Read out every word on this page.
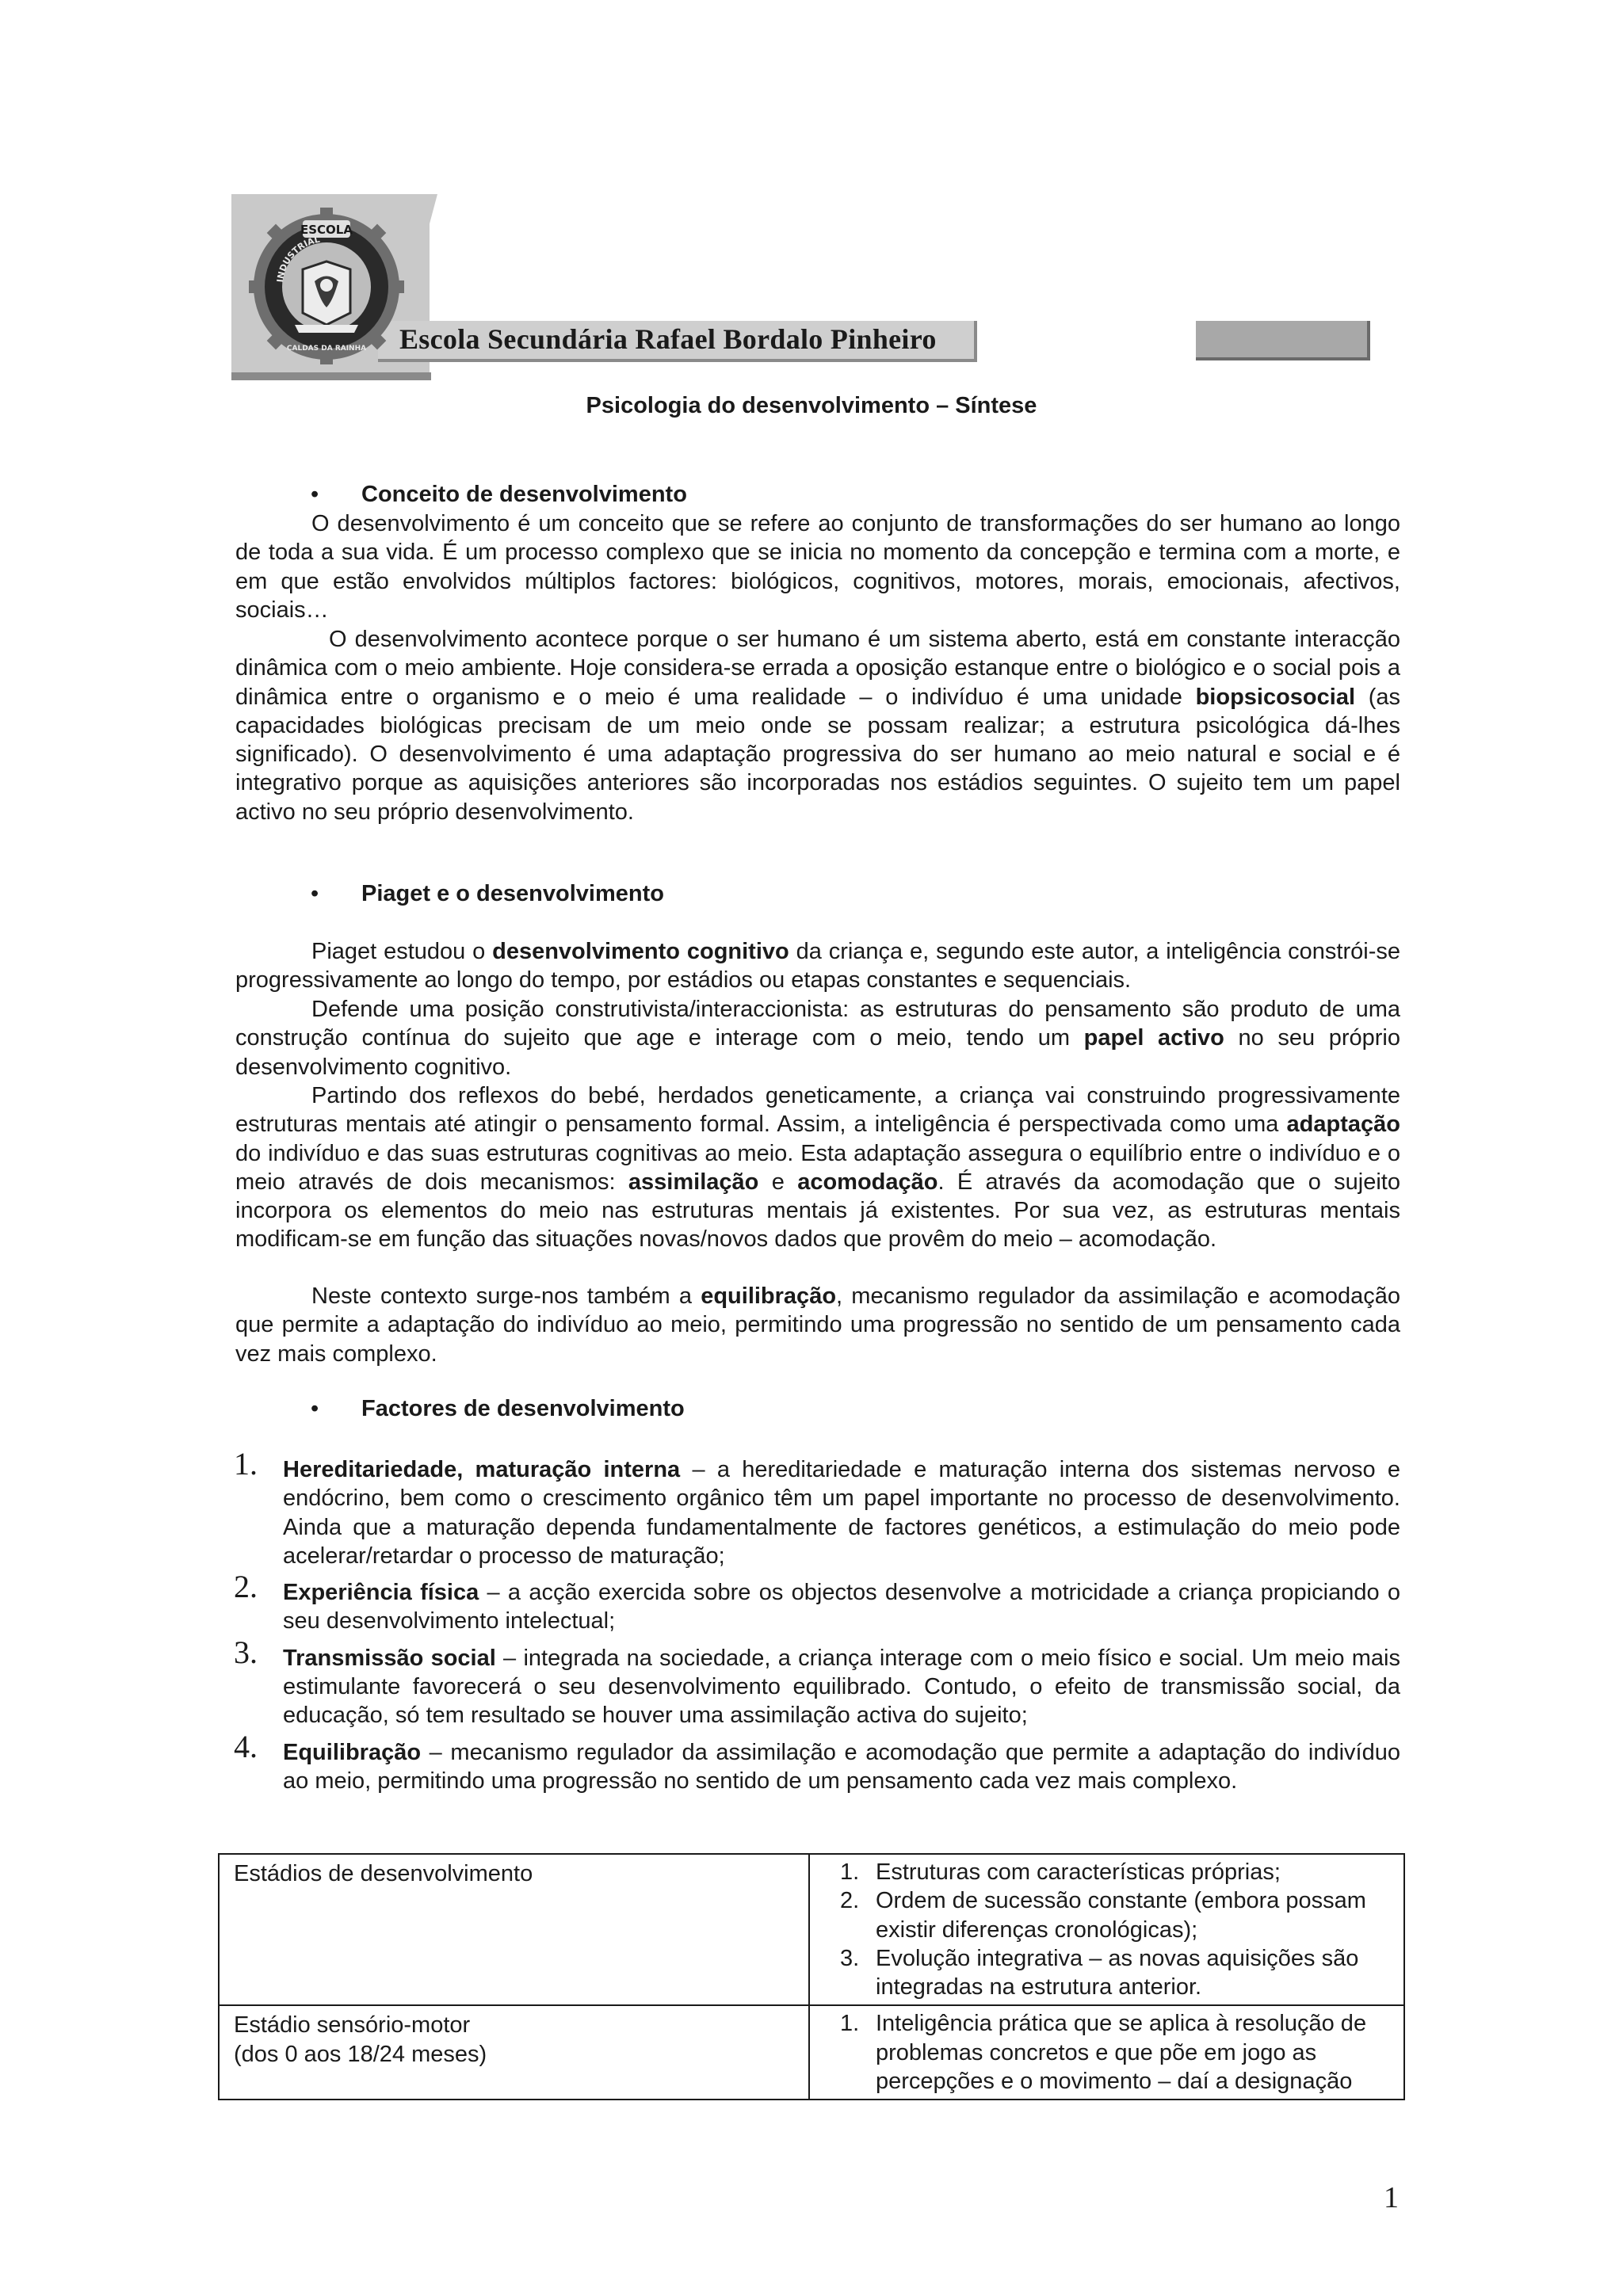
Escola Secundária Rafael Bordalo Pinheiro
ESCOLA
INDUSTRIAL
CALDAS DA RAINHA
Psicologia do desenvolvimento – Síntese
• Conceito de desenvolvimento
O desenvolvimento é um conceito que se refere ao conjunto de transformações do ser humano ao longo de toda a sua vida. É um processo complexo que se inicia no momento da concepção e termina com a morte, e em que estão envolvidos múltiplos factores: biológicos, cognitivos, motores, morais, emocionais, afectivos, sociais…
O desenvolvimento acontece porque o ser humano é um sistema aberto, está em constante interacção dinâmica com o meio ambiente. Hoje considera-se errada a oposição estanque entre o biológico e o social pois a dinâmica entre o organismo e o meio é uma realidade – o indivíduo é uma unidade biopsicosocial (as capacidades biológicas precisam de um meio onde se possam realizar; a estrutura psicológica dá-lhes significado). O desenvolvimento é uma adaptação progressiva do ser humano ao meio natural e social e é integrativo porque as aquisições anteriores são incorporadas nos estádios seguintes. O sujeito tem um papel activo no seu próprio desenvolvimento.
• Piaget e o desenvolvimento
Piaget estudou o desenvolvimento cognitivo da criança e, segundo este autor, a inteligência constrói-se progressivamente ao longo do tempo, por estádios ou etapas constantes e sequenciais.
Defende uma posição construtivista/interaccionista: as estruturas do pensamento são produto de uma construção contínua do sujeito que age e interage com o meio, tendo um papel activo no seu próprio desenvolvimento cognitivo.
Partindo dos reflexos do bebé, herdados geneticamente, a criança vai construindo progressivamente estruturas mentais até atingir o pensamento formal. Assim, a inteligência é perspectivada como uma adaptação do indivíduo e das suas estruturas cognitivas ao meio. Esta adaptação assegura o equilíbrio entre o indivíduo e o meio através de dois mecanismos: assimilação e acomodação. É através da acomodação que o sujeito incorpora os elementos do meio nas estruturas mentais já existentes. Por sua vez, as estruturas mentais modificam-se em função das situações novas/novos dados que provêm do meio – acomodação.
Neste contexto surge-nos também a equilibração, mecanismo regulador da assimilação e acomodação que permite a adaptação do indivíduo ao meio, permitindo uma progressão no sentido de um pensamento cada vez mais complexo.
• Factores de desenvolvimento
1. Hereditariedade, maturação interna – a hereditariedade e maturação interna dos sistemas nervoso e endócrino, bem como o crescimento orgânico têm um papel importante no processo de desenvolvimento. Ainda que a maturação dependa fundamentalmente de factores genéticos, a estimulação do meio pode acelerar/retardar o processo de maturação;
2. Experiência física – a acção exercida sobre os objectos desenvolve a motricidade a criança propiciando o seu desenvolvimento intelectual;
3. Transmissão social – integrada na sociedade, a criança interage com o meio físico e social. Um meio mais estimulante favorecerá o seu desenvolvimento equilibrado. Contudo, o efeito de transmissão social, da educação, só tem resultado se houver uma assimilação activa do sujeito;
4. Equilibração – mecanismo regulador da assimilação e acomodação que permite a adaptação do indivíduo ao meio, permitindo uma progressão no sentido de um pensamento cada vez mais complexo.
Estádios de desenvolvimento	1. Estruturas com características próprias;
2. Ordem de sucessão constante (embora possam existir diferenças cronológicas);
3. Evolução integrativa – as novas aquisições são integradas na estrutura anterior.
Estádio sensório-motor
(dos 0 aos 18/24 meses)
1. Inteligência prática que se aplica à resolução de problemas concretos e que põe em jogo as percepções e o movimento – daí a designação
1
